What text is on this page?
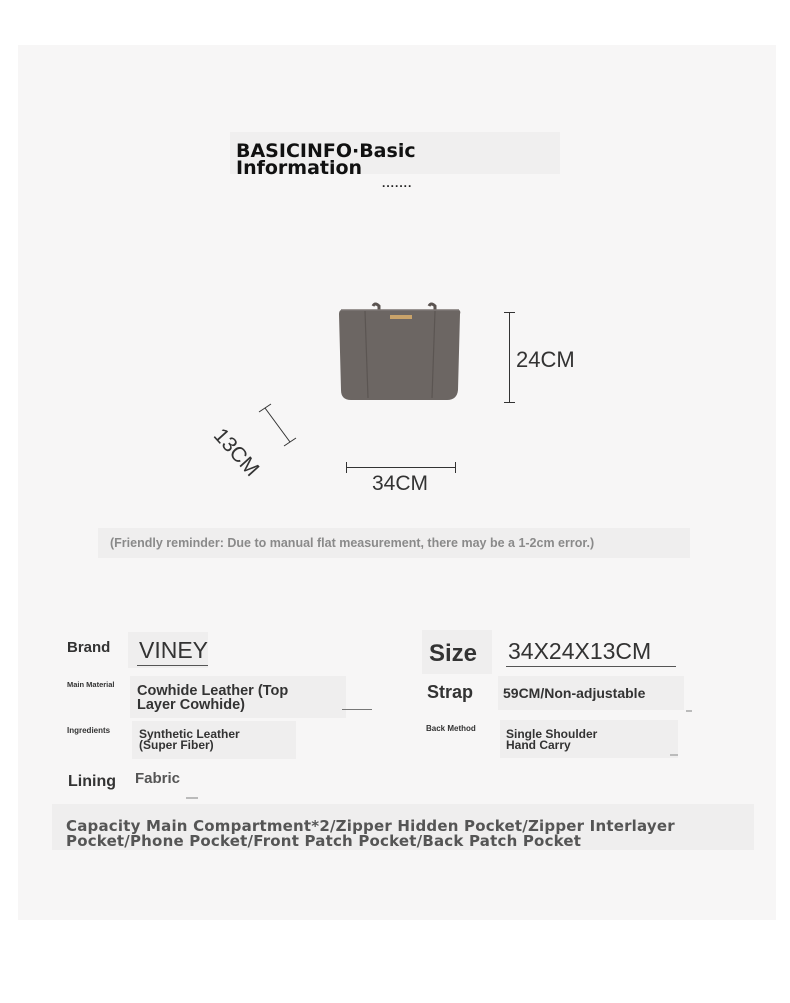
BASICINFO·Basic
Information
.......
24CM
34CM
13CM
(Friendly reminder: Due to manual flat measurement, there may be a 1-2cm error.)
Brand VINEY
Main Material Cowhide Leather (Top
Layer Cowhide)
Ingredients Synthetic Leather
(Super Fiber)
Lining Fabric
Size 34X24X13CM
Strap 59CM/Non-adjustable
Back Method	Single Shoulder
Hand Carry
Capacity Main Compartment*2/Zipper Hidden Pocket/Zipper Interlayer
Pocket/Phone Pocket/Front Patch Pocket/Back Patch Pocket
